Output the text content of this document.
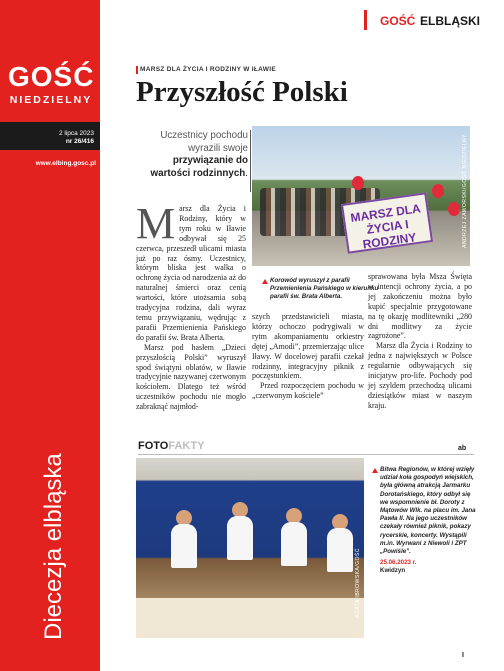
GOŚĆ
NIEDZIELNY
2 lipca 2023
nr 26/416
www.elbing.gosc.pl
Diecezja elbląska
GOŚĆ ELBLĄSKI
MARSZ DLA ŻYCIA I RODZINY W IŁAWIE
Przyszłość Polski
Uczestnicy pochodu wyrazili swoje przywiązanie do wartości rodzinnych.
MARSZ DLA ŻYCIA I RODZINY	ANDRZEJ ZAWORSKI/GOŚĆ NIEDZIELNY
Korowód wyruszył z parafii Przemienienia Pańskiego w kierunku parafii św. Brata Alberta.

Marsz dla Życia i Rodziny, który w tym roku w Iławie odbywał się 25 czerwca, przeszedł ulicami miasta już po raz ósmy. Uczestnicy, którym bliska jest walka o ochronę życia od narodzenia aż do naturalnej śmierci oraz cenią wartości, które utożsamia sobą tradycyjna rodzina, dali wyraz temu przywiązaniu, wędrując z parafii Przemienienia Pańskiego do parafii św. Brata Alberta.

Marsz pod hasłem „Dzieci przyszłością Polski” wyruszył spod świątyni oblatów, w Iławie tradycyjnie nazywanej czerwonym kościołem. Dlatego też wśród uczestników pochodu nie mogło zabraknąć najmłod-

szych przedstawicieli miasta, którzy ochoczo podrygiwali w rytm akompaniamentu orkiestry dętej „Amodi”, przemierzając ulice Iławy. W docelowej parafii czekał rodzinny, integracyjny piknik z poczęstunkiem.

Przed rozpoczęciem pochodu w „czerwonym kościele”

sprawowana była Msza Święta w intencji ochrony życia, a po jej zakończeniu można było kupić specjalnie przygotowane na tę okazję modlitewniki „280 dni modlitwy za życie zagrożone”.

Marsz dla Życia i Rodziny to jedna z największych w Polsce regularnie odbywających się inicjatyw pro-life. Pochody pod jej szyldem przechodzą ulicami dziesiątków miast w naszym kraju.

ab
FOTOFAKTY
AGATA IBROWSKA/GOŚĆ
Bitwa Regionów, w której wzięły udział koła gospodyń wiejskich, była główną atrakcją Jarmarku Dorotańskiego, który odbył się we wspomnienie bł. Doroty z Mątowów Wlk. na placu im. Jana Pawła II. Na jego uczestników czekały również piknik, pokazy rycerskie, koncerty. Wystąpili m.in. Wyrwani z Niewoli i ZPT „Powiśle”.
25.06.2023 r.
Kwidzyn
I
